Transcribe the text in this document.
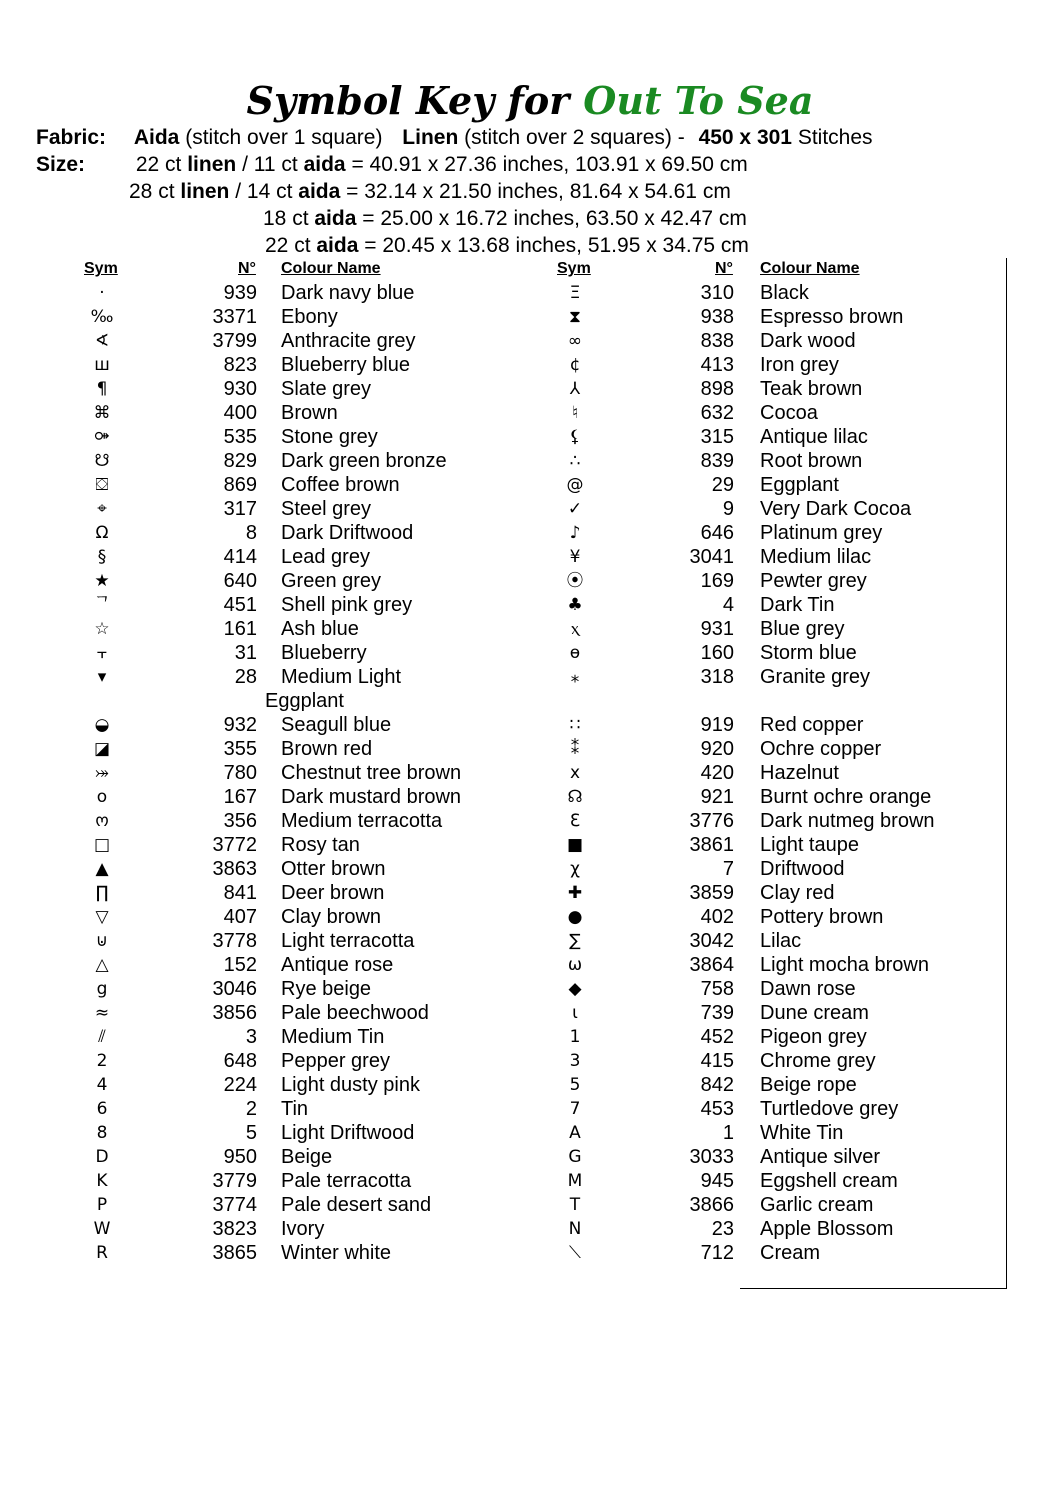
Symbol Key for Out To Sea
Fabric: Aida (stitch over 1 square) Linen (stitch over 2 squares) - 450 x 301 Stitches
Size: 22 ct linen / 11 ct aida = 40.91 x 27.36 inches, 103.91 x 69.50 cm
28 ct linen / 14 ct aida = 32.14 x 21.50 inches, 81.64 x 54.61 cm
18 ct aida = 25.00 x 16.72 inches, 63.50 x 42.47 cm
22 ct aida = 20.45 x 13.68 inches, 51.95 x 34.75 cm
Sym	N° Colour Name	Sym	N° Colour Name
·	939 Dark navy blue
‰	3371 Ebony
∢	3799 Anthracite grey
ш	823 Blueberry blue
¶	930 Slate grey
⌘	400 Brown
⚩	535 Stone grey
☋	829 Dark green bronze
⛋	869 Coffee brown
⌖	317 Steel grey
Ω	8 Dark Driftwood
§	414 Lead grey
★	640 Green grey
ᄀ	451 Shell pink grey
☆	161 Ash blue
⫟	31 Blueberry
▾	28 Medium Light
Eggplant
◒	932 Seagull blue
◪	355 Brown red
⤖	780 Chestnut tree brown
o	167 Dark mustard brown
ო	356 Medium terracotta
□	3772 Rosy tan
▲	3863 Otter brown
∏	841 Deer brown
▽	407 Clay brown
⊍	3778 Light terracotta
△	152 Antique rose
g	3046 Rye beige
≈	3856 Pale beechwood
⫽	3 Medium Tin
2	648 Pepper grey
4	224 Light dusty pink
6	2 Tin
8	5 Light Driftwood
D	950 Beige
K	3779 Pale terracotta
P	3774 Pale desert sand
W	3823 Ivory
R	3865 Winter white
Ξ	310 Black
⧗	938 Espresso brown
∞	838 Dark wood
¢	413 Iron grey
⅄	898 Teak brown
♮	632 Cocoa
⚸	315 Antique lilac
∴	839 Root brown
@	29 Eggplant
✓	9 Very Dark Cocoa
♪	646 Platinum grey
¥	3041 Medium lilac
⦿	169 Pewter grey
♣	4 Dark Tin
ⲭ	931 Blue grey
ɵ	160 Storm blue
⁎	318 Granite grey
∷	919 Red copper
⁑	920 Ochre copper
x	420 Hazelnut
☊	921 Burnt ochre orange
ℇ	3776 Dark nutmeg brown
■	3861 Light taupe
χ	7 Driftwood
✚	3859 Clay red
●	402 Pottery brown
∑	3042 Lilac
ω	3864 Light mocha brown
◆	758 Dawn rose
ɩ	739 Dune cream
1	452 Pigeon grey
3	415 Chrome grey
5	842 Beige rope
7	453 Turtledove grey
A	1 White Tin
G	3033 Antique silver
M	945 Eggshell cream
T	3866 Garlic cream
N	23 Apple Blossom
⟍	712 Cream
